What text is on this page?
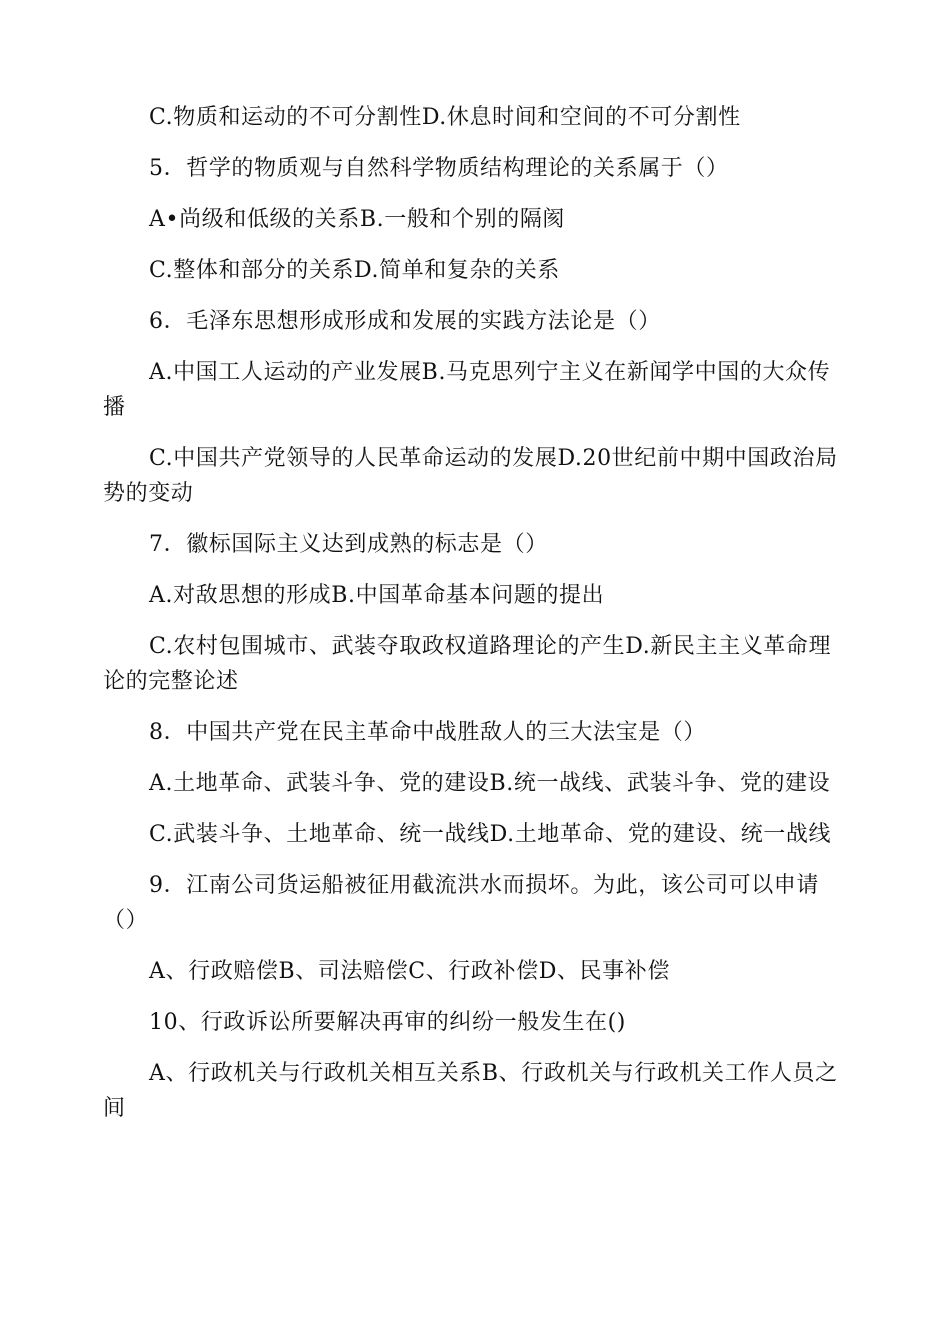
C.物质和运动的不可分割性D.休息时间和空间的不可分割性

5．哲学的物质观与自然科学物质结构理论的关系属于（）

A•尚级和低级的关系B.一般和个别的隔阂

C.整体和部分的关系D.简单和复杂的关系

6．毛泽东思想形成形成和发展的实践方法论是（）

A.中国工人运动的产业发展B.马克思列宁主义在新闻学中国的大众传播

C.中国共产党领导的人民革命运动的发展D.20世纪前中期中国政治局势的变动

7．徽标国际主义达到成熟的标志是（）

A.对敌思想的形成B.中国革命基本问题的提出

C.农村包围城市、武装夺取政权道路理论的产生D.新民主主义革命理论的完整论述

8．中国共产党在民主革命中战胜敌人的三大法宝是（）

A.土地革命、武装斗争、党的建设B.统一战线、武装斗争、党的建设

C.武装斗争、土地革命、统一战线D.土地革命、党的建设、统一战线

9．江南公司货运船被征用截流洪水而损坏。为此，该公司可以申请（）

A、行政赔偿B、司法赔偿C、行政补偿D、民事补偿

10、行政诉讼所要解决再审的纠纷一般发生在()

A、行政机关与行政机关相互关系B、行政机关与行政机关工作人员之间
